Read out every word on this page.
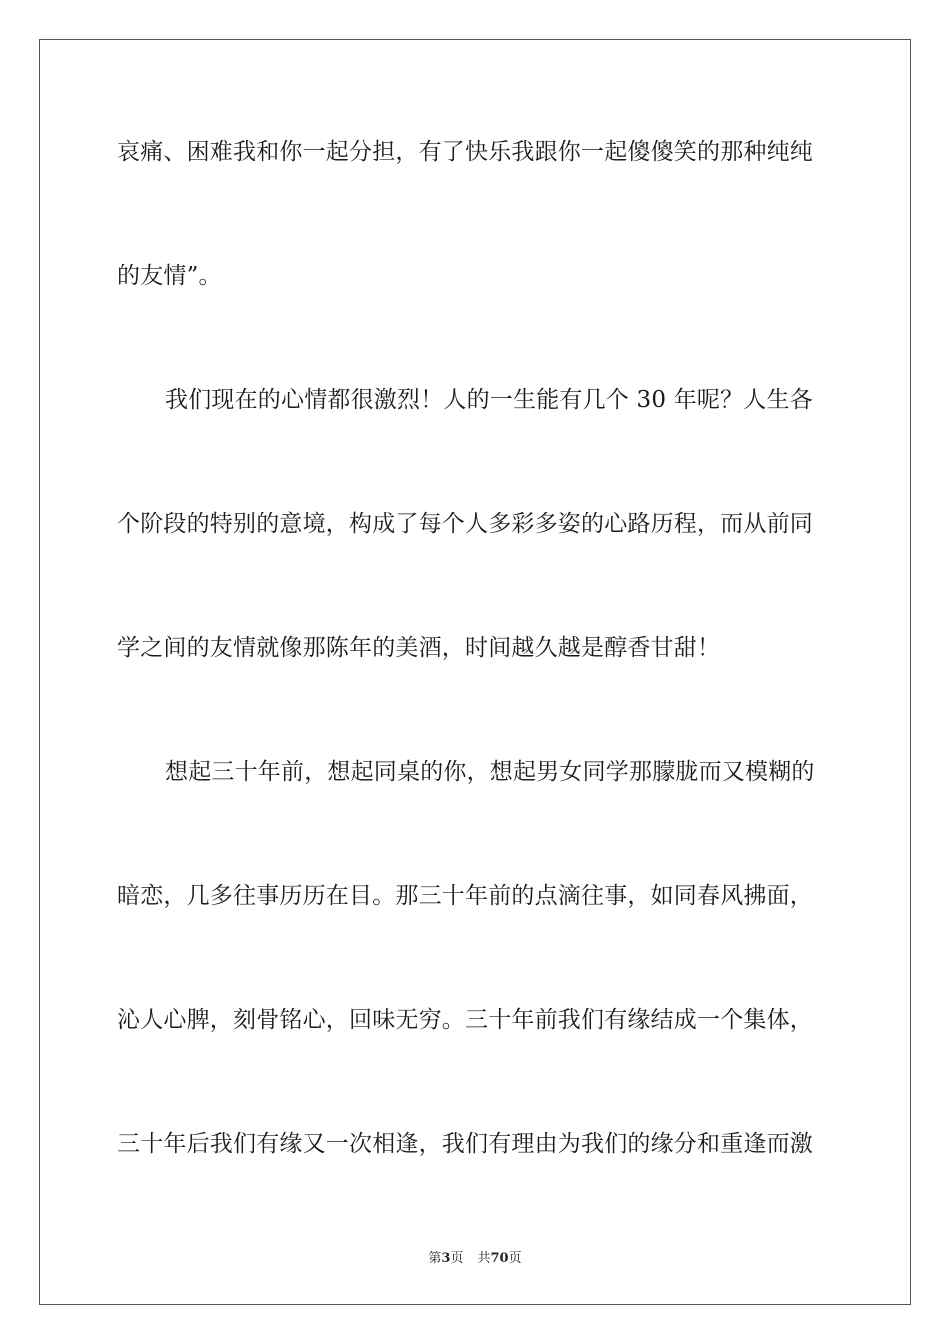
哀痛、困难我和你一起分担，有了快乐我跟你一起傻傻笑的那种纯纯
的友情”。
我们现在的心情都很激烈！人的一生能有几个 30 年呢？人生各
个阶段的特别的意境，构成了每个人多彩多姿的心路历程，而从前同
学之间的友情就像那陈年的美酒，时间越久越是醇香甘甜！
想起三十年前，想起同桌的你，想起男女同学那朦胧而又模糊的
暗恋，几多往事历历在目。那三十年前的点滴往事，如同春风拂面，
沁人心脾，刻骨铭心，回味无穷。三十年前我们有缘结成一个集体，
三十年后我们有缘又一次相逢，我们有理由为我们的缘分和重逢而激
第3页 共70页
